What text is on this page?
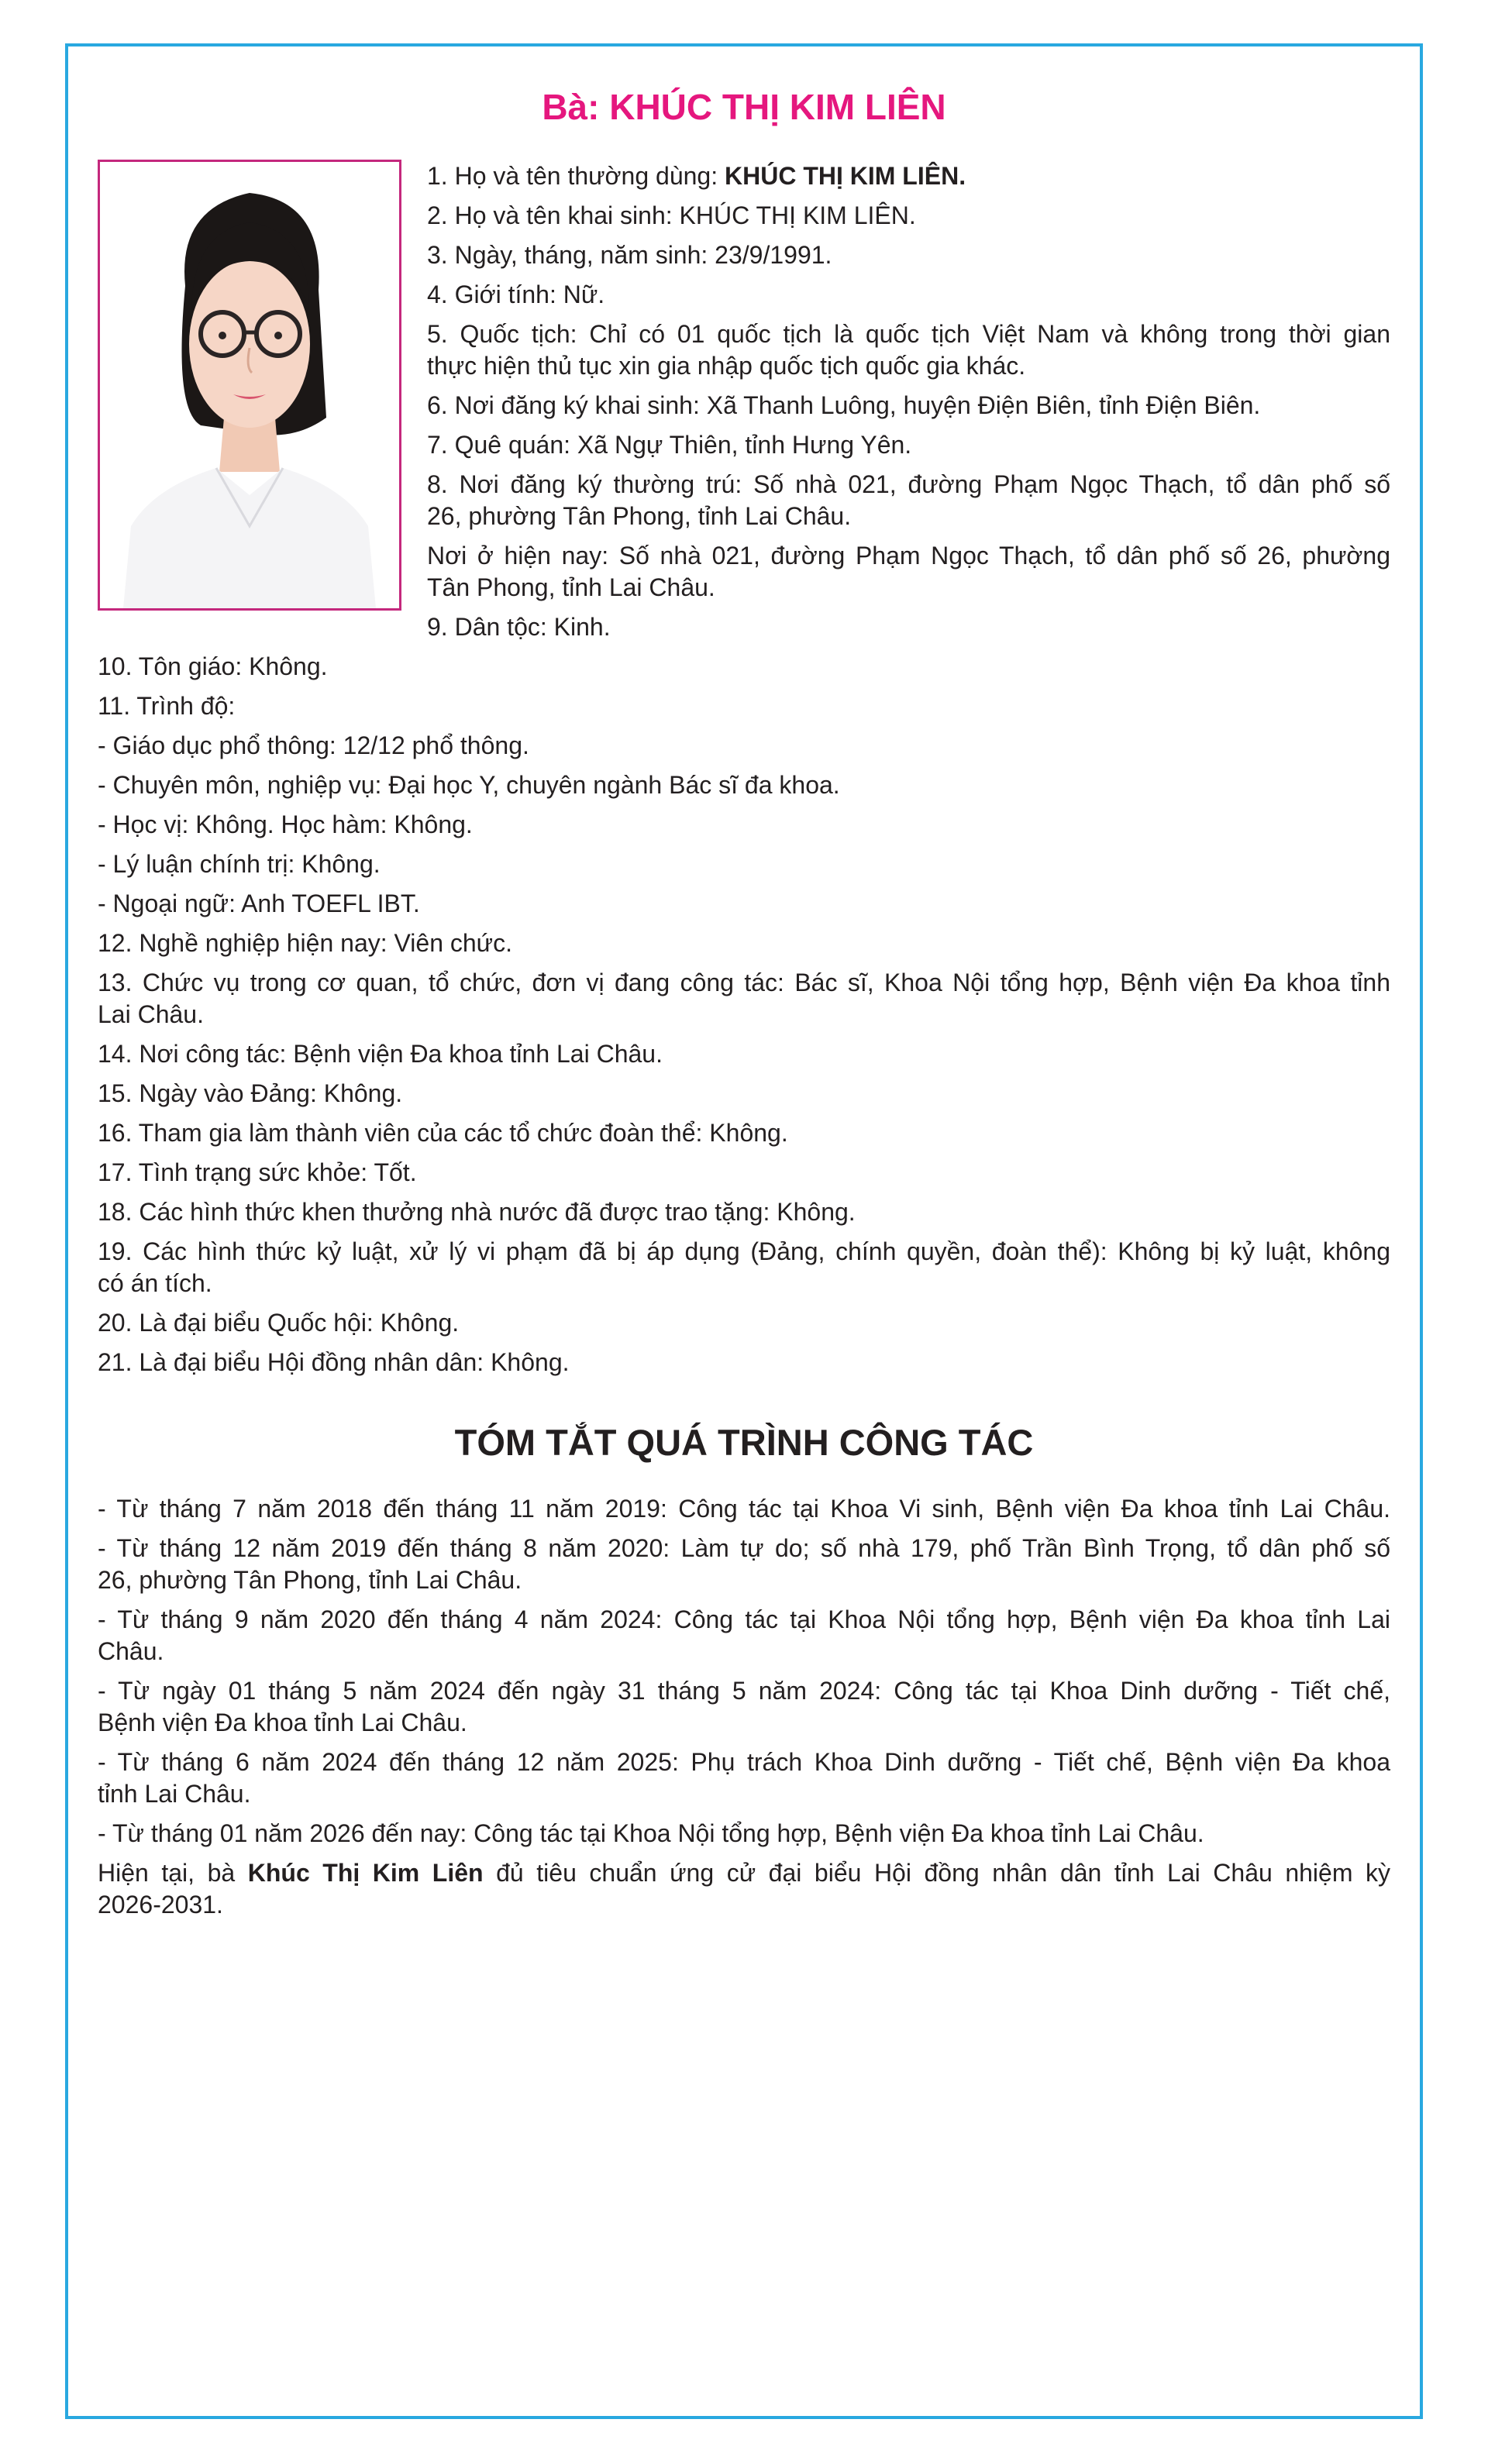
Bà: KHÚC THỊ KIM LIÊN

1. Họ và tên thường dùng: KHÚC THỊ KIM LIÊN.

2. Họ và tên khai sinh: KHÚC THỊ KIM LIÊN.

3. Ngày, tháng, năm sinh: 23/9/1991.

4. Giới tính: Nữ.

5. Quốc tịch: Chỉ có 01 quốc tịch là quốc tịch Việt Nam và không trong thời gian

thực hiện thủ tục xin gia nhập quốc tịch quốc gia khác.

6. Nơi đăng ký khai sinh: Xã Thanh Luông, huyện Điện Biên, tỉnh Điện Biên.

7. Quê quán: Xã Ngự Thiên, tỉnh Hưng Yên.

8. Nơi đăng ký thường trú: Số nhà 021, đường Phạm Ngọc Thạch, tổ dân phố số

26, phường Tân Phong, tỉnh Lai Châu.

Nơi ở hiện nay: Số nhà 021, đường Phạm Ngọc Thạch, tổ dân phố số 26, phường

Tân Phong, tỉnh Lai Châu.

9. Dân tộc: Kinh.

10. Tôn giáo: Không.

11. Trình độ:

- Giáo dục phổ thông: 12/12 phổ thông.

- Chuyên môn, nghiệp vụ: Đại học Y, chuyên ngành Bác sĩ đa khoa.

- Học vị: Không. Học hàm: Không.

- Lý luận chính trị: Không.

- Ngoại ngữ: Anh TOEFL IBT.

12. Nghề nghiệp hiện nay: Viên chức.

13. Chức vụ trong cơ quan, tổ chức, đơn vị đang công tác: Bác sĩ, Khoa Nội tổng hợp, Bệnh viện Đa khoa tỉnh

Lai Châu.

14. Nơi công tác: Bệnh viện Đa khoa tỉnh Lai Châu.

15. Ngày vào Đảng: Không.

16. Tham gia làm thành viên của các tổ chức đoàn thể: Không.

17. Tình trạng sức khỏe: Tốt.

18. Các hình thức khen thưởng nhà nước đã được trao tặng: Không.

19. Các hình thức kỷ luật, xử lý vi phạm đã bị áp dụng (Đảng, chính quyền, đoàn thể): Không bị kỷ luật, không

có án tích.

20. Là đại biểu Quốc hội: Không.

21. Là đại biểu Hội đồng nhân dân: Không.

TÓM TẮT QUÁ TRÌNH CÔNG TÁC

- Từ tháng 7 năm 2018 đến tháng 11 năm 2019: Công tác tại Khoa Vi sinh, Bệnh viện Đa khoa tỉnh Lai Châu.

- Từ tháng 12 năm 2019 đến tháng 8 năm 2020: Làm tự do; số nhà 179, phố Trần Bình Trọng, tổ dân phố số

26, phường Tân Phong, tỉnh Lai Châu.

- Từ tháng 9 năm 2020 đến tháng 4 năm 2024: Công tác tại Khoa Nội tổng hợp, Bệnh viện Đa khoa tỉnh Lai

Châu.

- Từ ngày 01 tháng 5 năm 2024 đến ngày 31 tháng 5 năm 2024: Công tác tại Khoa Dinh dưỡng - Tiết chế,

Bệnh viện Đa khoa tỉnh Lai Châu.

- Từ tháng 6 năm 2024 đến tháng 12 năm 2025: Phụ trách Khoa Dinh dưỡng - Tiết chế, Bệnh viện Đa khoa

tỉnh Lai Châu.

- Từ tháng 01 năm 2026 đến nay: Công tác tại Khoa Nội tổng hợp, Bệnh viện Đa khoa tỉnh Lai Châu.

Hiện tại, bà Khúc Thị Kim Liên đủ tiêu chuẩn ứng cử đại biểu Hội đồng nhân dân tỉnh Lai Châu nhiệm kỳ

2026-2031.
